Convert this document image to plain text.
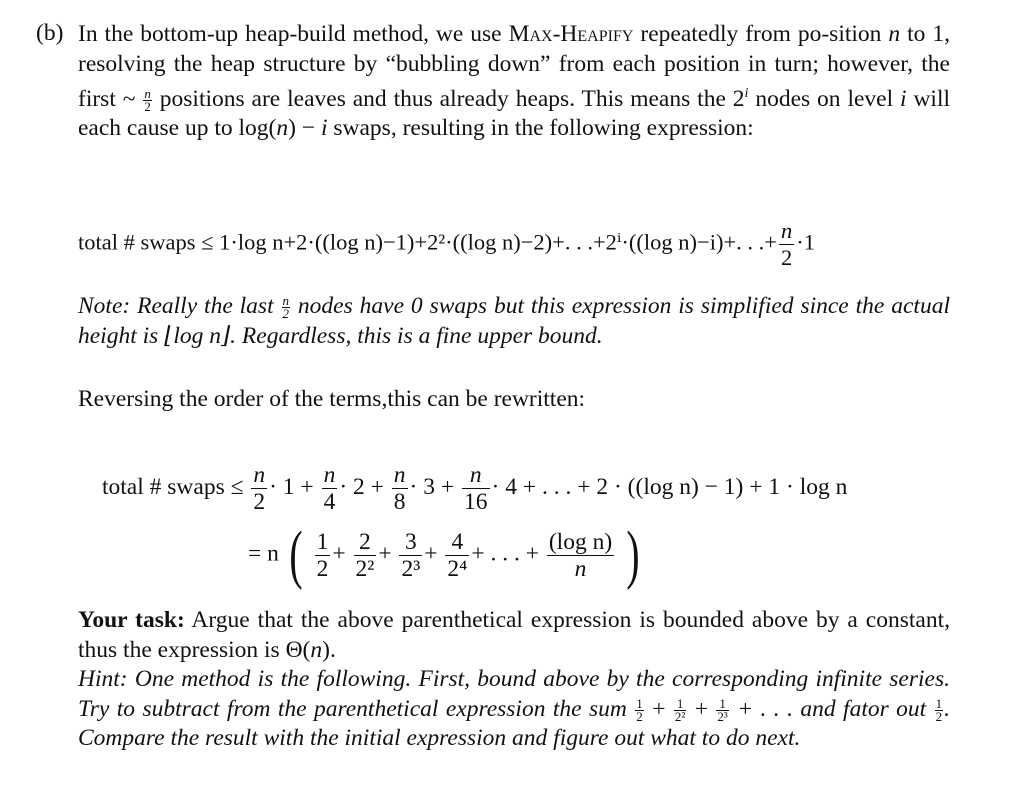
(b) In the bottom-up heap-build method, we use Max-Heapify repeatedly from po-sition n to 1, resolving the heap structure by “bubbling down” from each position in turn; however, the first ~ $\frac{n}{2}$ positions are leaves and thus already heaps. This means the 2$^i$ nodes on level i will each cause up to log(n) − i swaps, resulting in the following expression:
total # swaps ≤ 1·log n+2·((log n)−1)+2²·((log n)−2)+. . .+2ⁱ·((log n)−i)+. . .+ $\frac{n}{2} \cdot 1$
Note: Really the last $\frac{n}{2}$ nodes have 0 swaps but this expression is simplified since the actual height is ⌊log n⌋. Regardless, this is a fine upper bound.
Reversing the order of the terms,this can be rewritten:
total # swaps ≤ $\frac{n}{2} \cdot 1 + \frac{n}{4} \cdot 2 + \frac{n}{8} \cdot 3 + \frac{n}{16} \cdot 4$ + . . . + 2 · ((log n) − 1) + 1 · log n
= n ( $\frac{1}{2} + \frac{2}{\text{2²}} + \frac{3}{\text{2³}} + \frac{4}{\text{2⁴}}$ + . . . + $\frac{\text{(log n)}}{n}$ )
Your task: Argue that the above parenthetical expression is bounded above by a constant, thus the expression is Θ(n).
Hint: One method is the following. First, bound above by the corresponding infinite series. Try to subtract from the parenthetical expression the sum $\frac{1}{2} + \frac{1}{\text{2²}} + \frac{1}{\text{2³}}$ + . . . and fator out $\frac{1}{2}$ . Compare the result with the initial expression and figure out what to do next.
